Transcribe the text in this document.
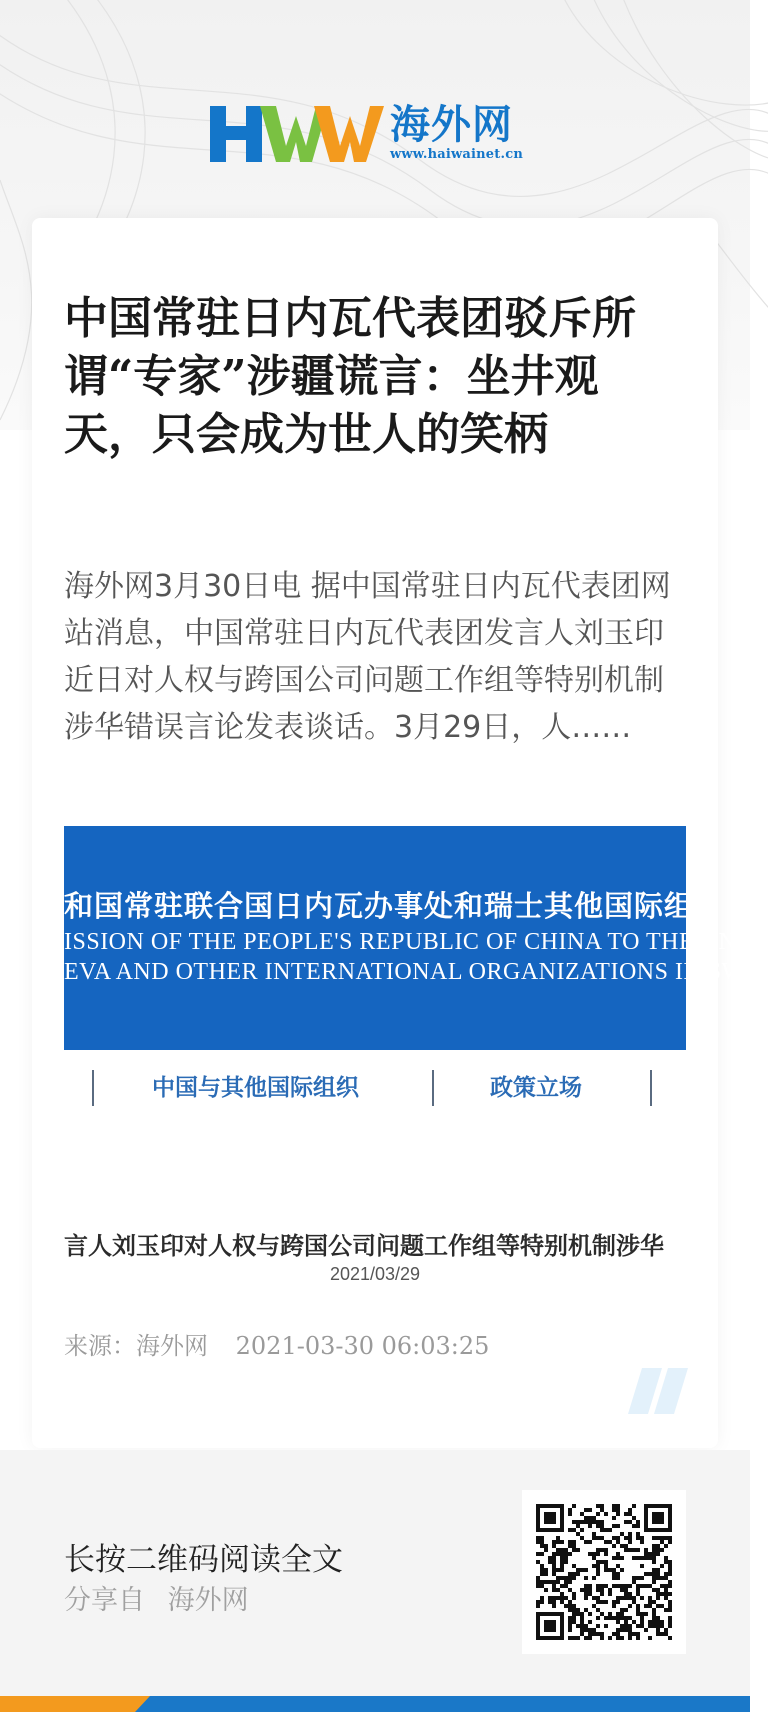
海外网
www.haiwainet.cn
中国常驻日内瓦代表团驳斥所谓“专家”涉疆谎言：坐井观天，只会成为世人的笑柄

海外网3月30日电 据中国常驻日内瓦代表团网站消息，中国常驻日内瓦代表团发言人刘玉印近日对人权与跨国公司问题工作组等特别机制涉华错误言论发表谈话。3月29日，人……

和国常驻联合国日内瓦办事处和瑞士其他国际组
ISSION OF THE PEOPLE'S REPUBLIC OF CHINA TO THE UNI
EVA AND OTHER INTERNATIONAL ORGANIZATIONS IN SWIT
中国与其他国际组织	政策立场
言人刘玉印对人权与跨国公司问题工作组等特别机制涉华
2021/03/29
来源：海外网 2021-03-30 06:03:25
长按二维码阅读全文
分享自 海外网
